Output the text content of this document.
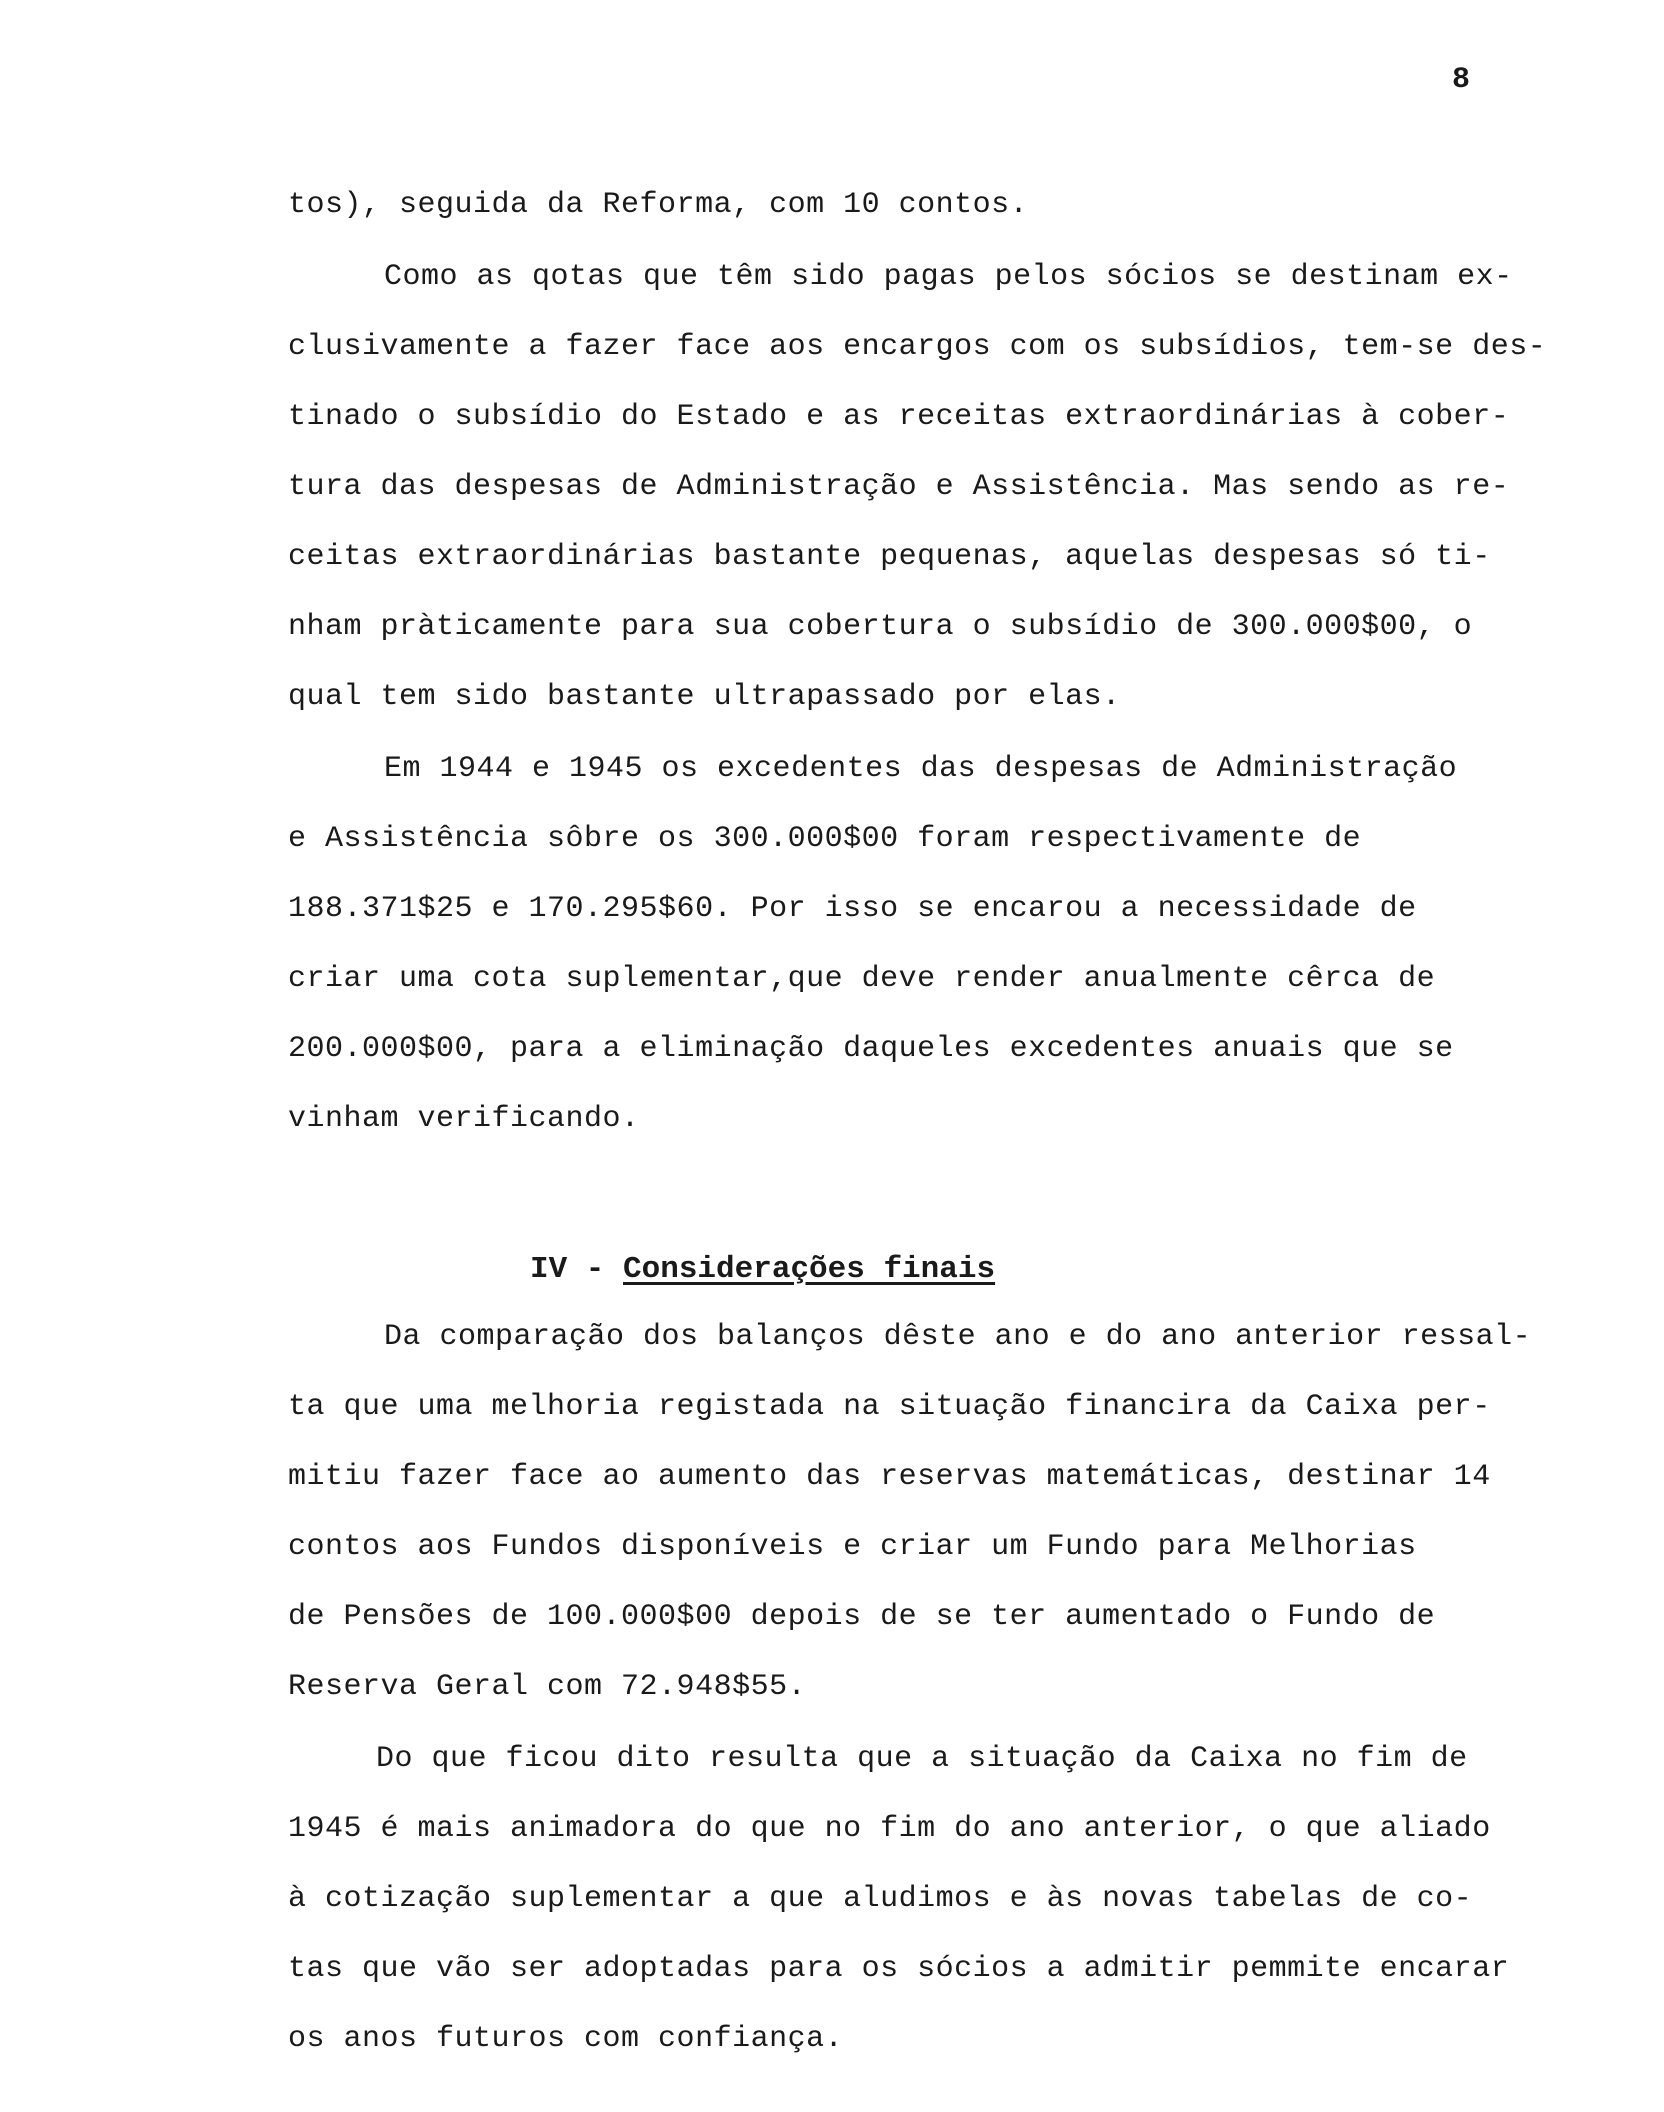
8
tos), seguida da Reforma, com 10 contos.
Como as qotas que têm sido pagas pelos sócios se destinam ex-
clusivamente a fazer face aos encargos com os subsídios, tem-se des-
tinado o subsídio do Estado e as receitas extraordinárias à cober-
tura das despesas de Administração e Assistência. Mas sendo as re-
ceitas extraordinárias bastante pequenas, aquelas despesas só ti-
nham pràticamente para sua cobertura o subsídio de 300.000$00, o
qual tem sido bastante ultrapassado por elas.
Em 1944 e 1945 os excedentes das despesas de Administração
e Assistência sôbre os 300.000$00 foram respectivamente de
188.371$25 e 170.295$60. Por isso se encarou a necessidade de
criar uma cota suplementar,que deve render anualmente cêrca de
200.000$00, para a eliminação daqueles excedentes anuais que se
vinham verificando.
IV - Considerações finais
Da comparação dos balanços dêste ano e do ano anterior ressal-
ta que uma melhoria registada na situação financira da Caixa per-
mitiu fazer face ao aumento das reservas matemáticas, destinar 14
contos aos Fundos disponíveis e criar um Fundo para Melhorias
de Pensões de 100.000$00 depois de se ter aumentado o Fundo de
Reserva Geral com 72.948$55.
Do que ficou dito resulta que a situação da Caixa no fim de
1945 é mais animadora do que no fim do ano anterior, o que aliado
à cotização suplementar a que aludimos e às novas tabelas de co-
tas que vão ser adoptadas para os sócios a admitir pemmite encarar
os anos futuros com confiança.
